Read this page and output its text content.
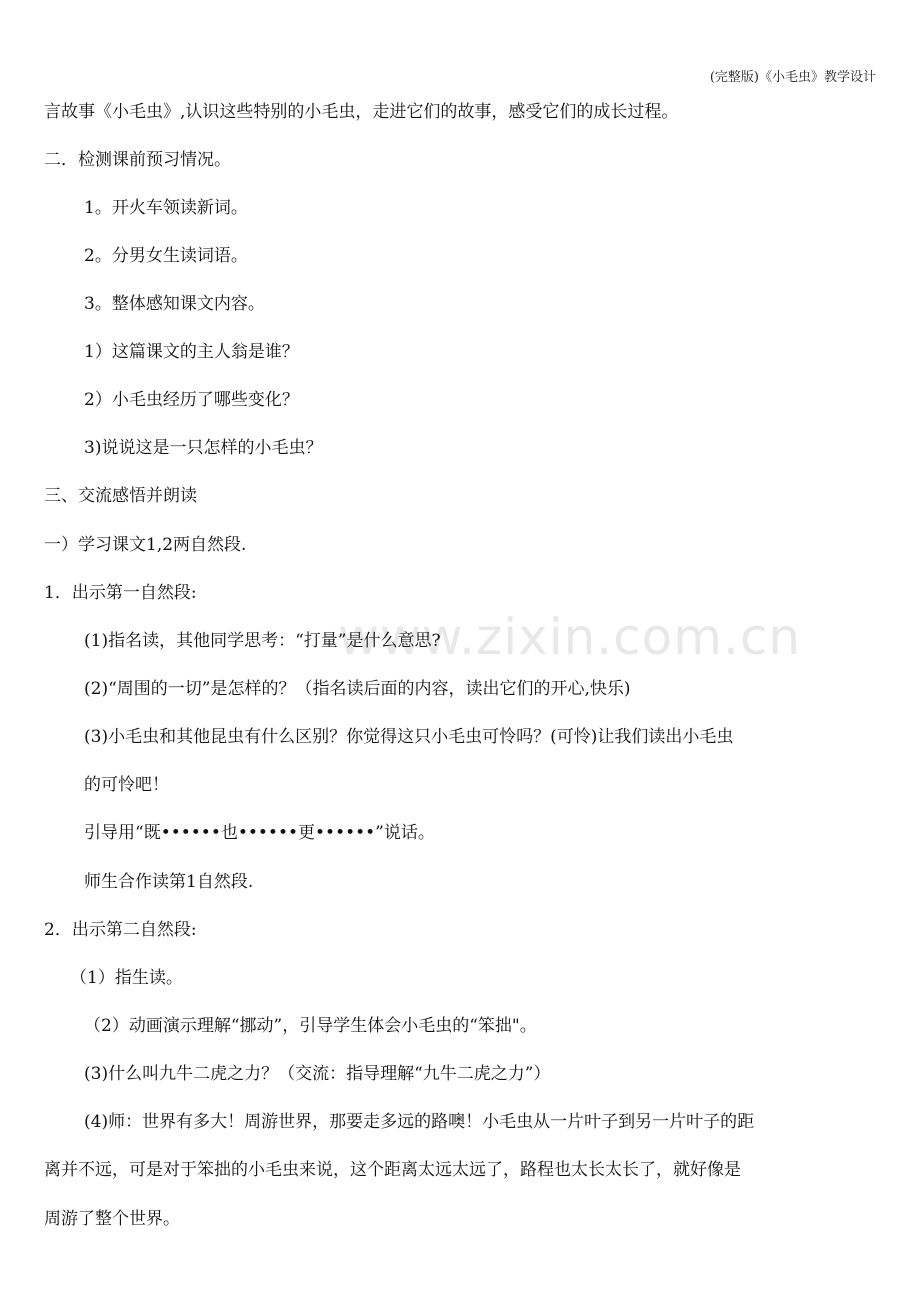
(完整版)《小毛虫》教学设计
www.zixin.com.cn
言故事《小毛虫》,认识这些特别的小毛虫，走进它们的故事，感受它们的成长过程。
二．检测课前预习情况。
1。开火车领读新词。
2。分男女生读词语。
3。整体感知课文内容。
1）这篇课文的主人翁是谁？
2）小毛虫经历了哪些变化？
3)说说这是一只怎样的小毛虫？
三、交流感悟并朗读
一）学习课文1,2两自然段.
1．出示第一自然段:
(1)指名读，其他同学思考：“打量”是什么意思?
(2)“周围的一切”是怎样的？（指名读后面的内容，读出它们的开心,快乐)
(3)小毛虫和其他昆虫有什么区别？你觉得这只小毛虫可怜吗？(可怜)让我们读出小毛虫
的可怜吧！
引导用“既••••••也••••••更••••••”说话。
师生合作读第1自然段.
2．出示第二自然段:
（1）指生读。
（2）动画演示理解“挪动”，引导学生体会小毛虫的“笨拙"。
(3)什么叫九牛二虎之力？（交流：指导理解“九牛二虎之力”）
(4)师：世界有多大！周游世界，那要走多远的路噢！小毛虫从一片叶子到另一片叶子的距
离并不远，可是对于笨拙的小毛虫来说，这个距离太远太远了，路程也太长太长了，就好像是
周游了整个世界。
